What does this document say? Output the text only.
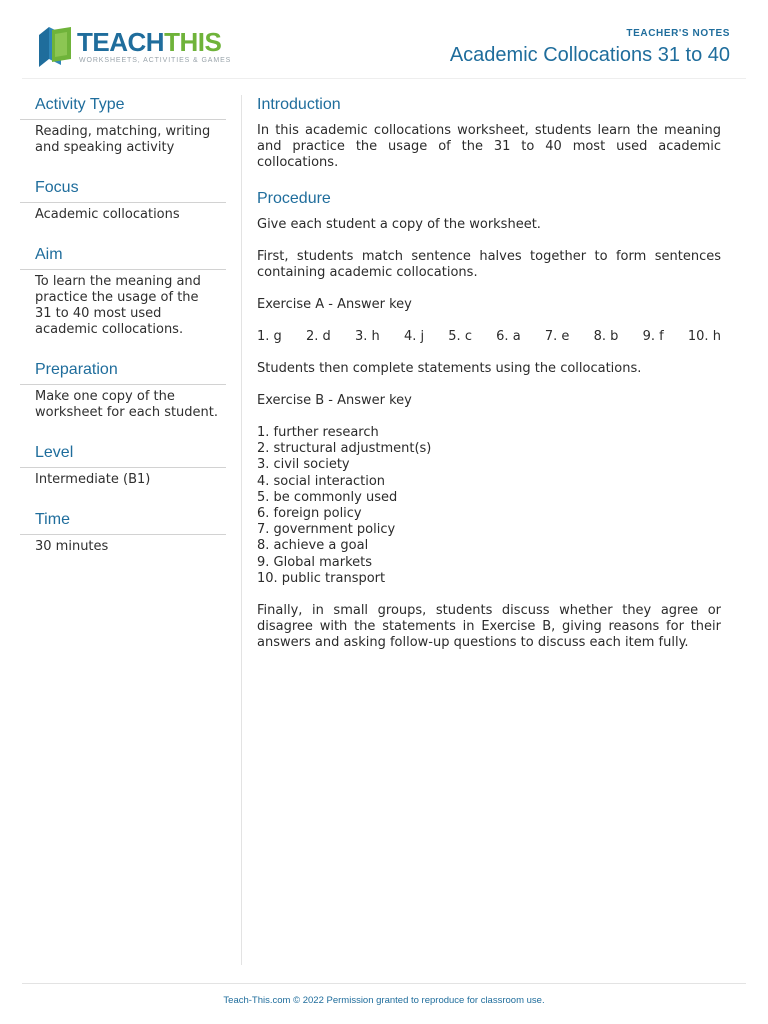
TEACHTHIS
WORKSHEETS, ACTIVITIES & GAMES
TEACHER'S NOTES
Academic Collocations 31 to 40
Activity Type
Reading, matching, writing and speaking activity
Focus
Academic collocations
Aim
To learn the meaning and practice the usage of the 31 to 40 most used academic collocations.
Preparation
Make one copy of the worksheet for each student.
Level
Intermediate (B1)
Time
30 minutes
Introduction

In this academic collocations worksheet, students learn the meaning and practice the usage of the 31 to 40 most used academic collocations.

Procedure

Give each student a copy of the worksheet.

First, students match sentence halves together to form sentences containing academic collocations.

Exercise A - Answer key

1. g 2. d 3. h 4. j 5. c 6. a 7. e 8. b 9. f 10. h

Students then complete statements using the collocations.

Exercise B - Answer key

1. further research
2. structural adjustment(s)
3. civil society
4. social interaction
5. be commonly used
6. foreign policy
7. government policy
8. achieve a goal
9. Global markets
10. public transport

Finally, in small groups, students discuss whether they agree or disagree with the statements in Exercise B, giving reasons for their answers and asking follow-up questions to discuss each item fully.

Teach-This.com © 2022 Permission granted to reproduce for classroom use.
